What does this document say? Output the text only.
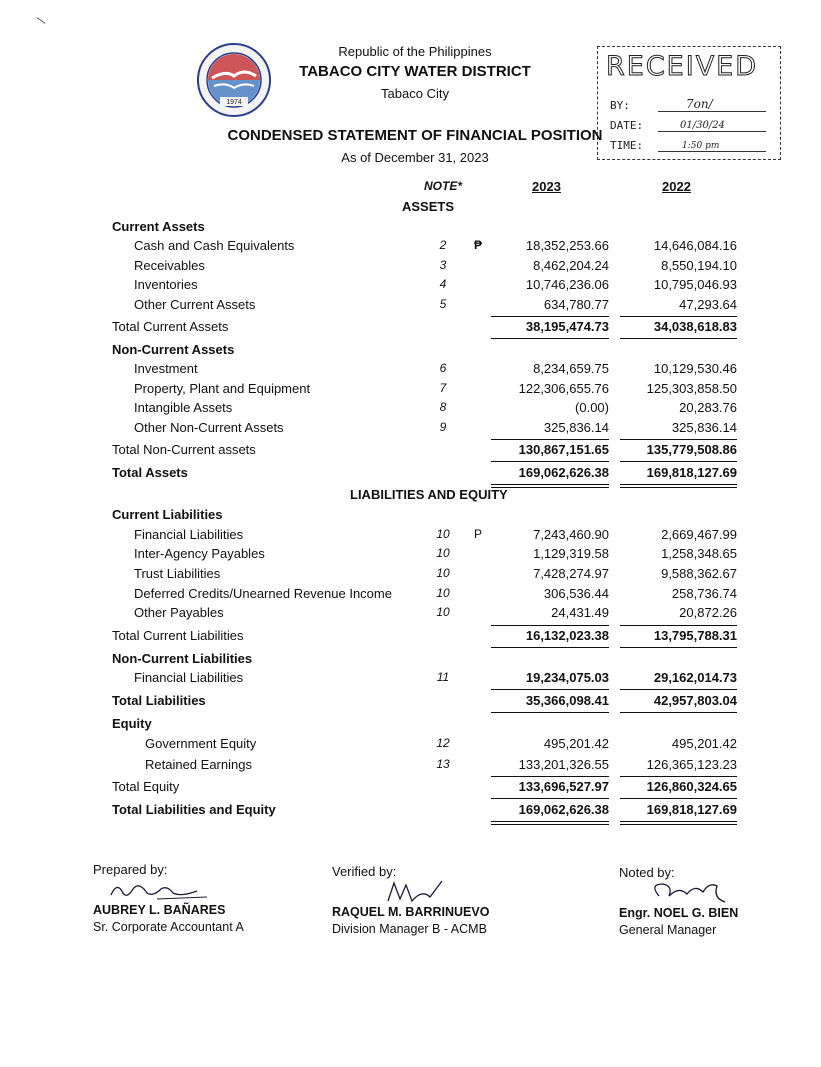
1974
Republic of the Philippines
TABACO CITY WATER DISTRICT
Tabaco City
CONDENSED STATEMENT OF FINANCIAL POSITION
As of December 31, 2023
RECEIVED
BY:	7on/
DATE:	01/30/24
TIME:	1:50 pm
NOTE*	2023	2022
ASSETS
Current Assets
Cash and Cash Equivalents	2	₱	18,352,253.66	14,646,084.16
Receivables	3	8,462,204.24	8,550,194.10
Inventories	4	10,746,236.06	10,795,046.93
Other Current Assets	5	634,780.77	47,293.64
Total Current Assets	38,195,474.73	34,038,618.83
Non-Current Assets
Investment	6	8,234,659.75	10,129,530.46
Property, Plant and Equipment	7	122,306,655.76	125,303,858.50
Intangible Assets	8	(0.00)	20,283.76
Other Non-Current Assets	9	325,836.14	325,836.14
Total Non-Current assets	130,867,151.65	135,779,508.86
Total Assets	169,062,626.38	169,818,127.69
LIABILITIES AND EQUITY
Current Liabilities
Financial Liabilities	10	P	7,243,460.90	2,669,467.99
Inter-Agency Payables	10	1,129,319.58	1,258,348.65
Trust Liabilities	10	7,428,274.97	9,588,362.67
Deferred Credits/Unearned Revenue Income	10	306,536.44	258,736.74
Other Payables	10	24,431.49	20,872.26
Total Current Liabilities	16,132,023.38	13,795,788.31
Non-Current Liabilities
Financial Liabilities	11	19,234,075.03	29,162,014.73
Total Liabilities	35,366,098.41	42,957,803.04
Equity
Government Equity	12	495,201.42	495,201.42
Retained Earnings	13	133,201,326.55	126,365,123.23
Total Equity	133,696,527.97	126,860,324.65
Total Liabilities and Equity	169,062,626.38	169,818,127.69
Prepared by:
AUBREY L. BAÑARES
Sr. Corporate Accountant A
Verified by:
RAQUEL M. BARRINUEVO
Division Manager B - ACMB
Noted by:
Engr. NOEL G. BIEN
General Manager
